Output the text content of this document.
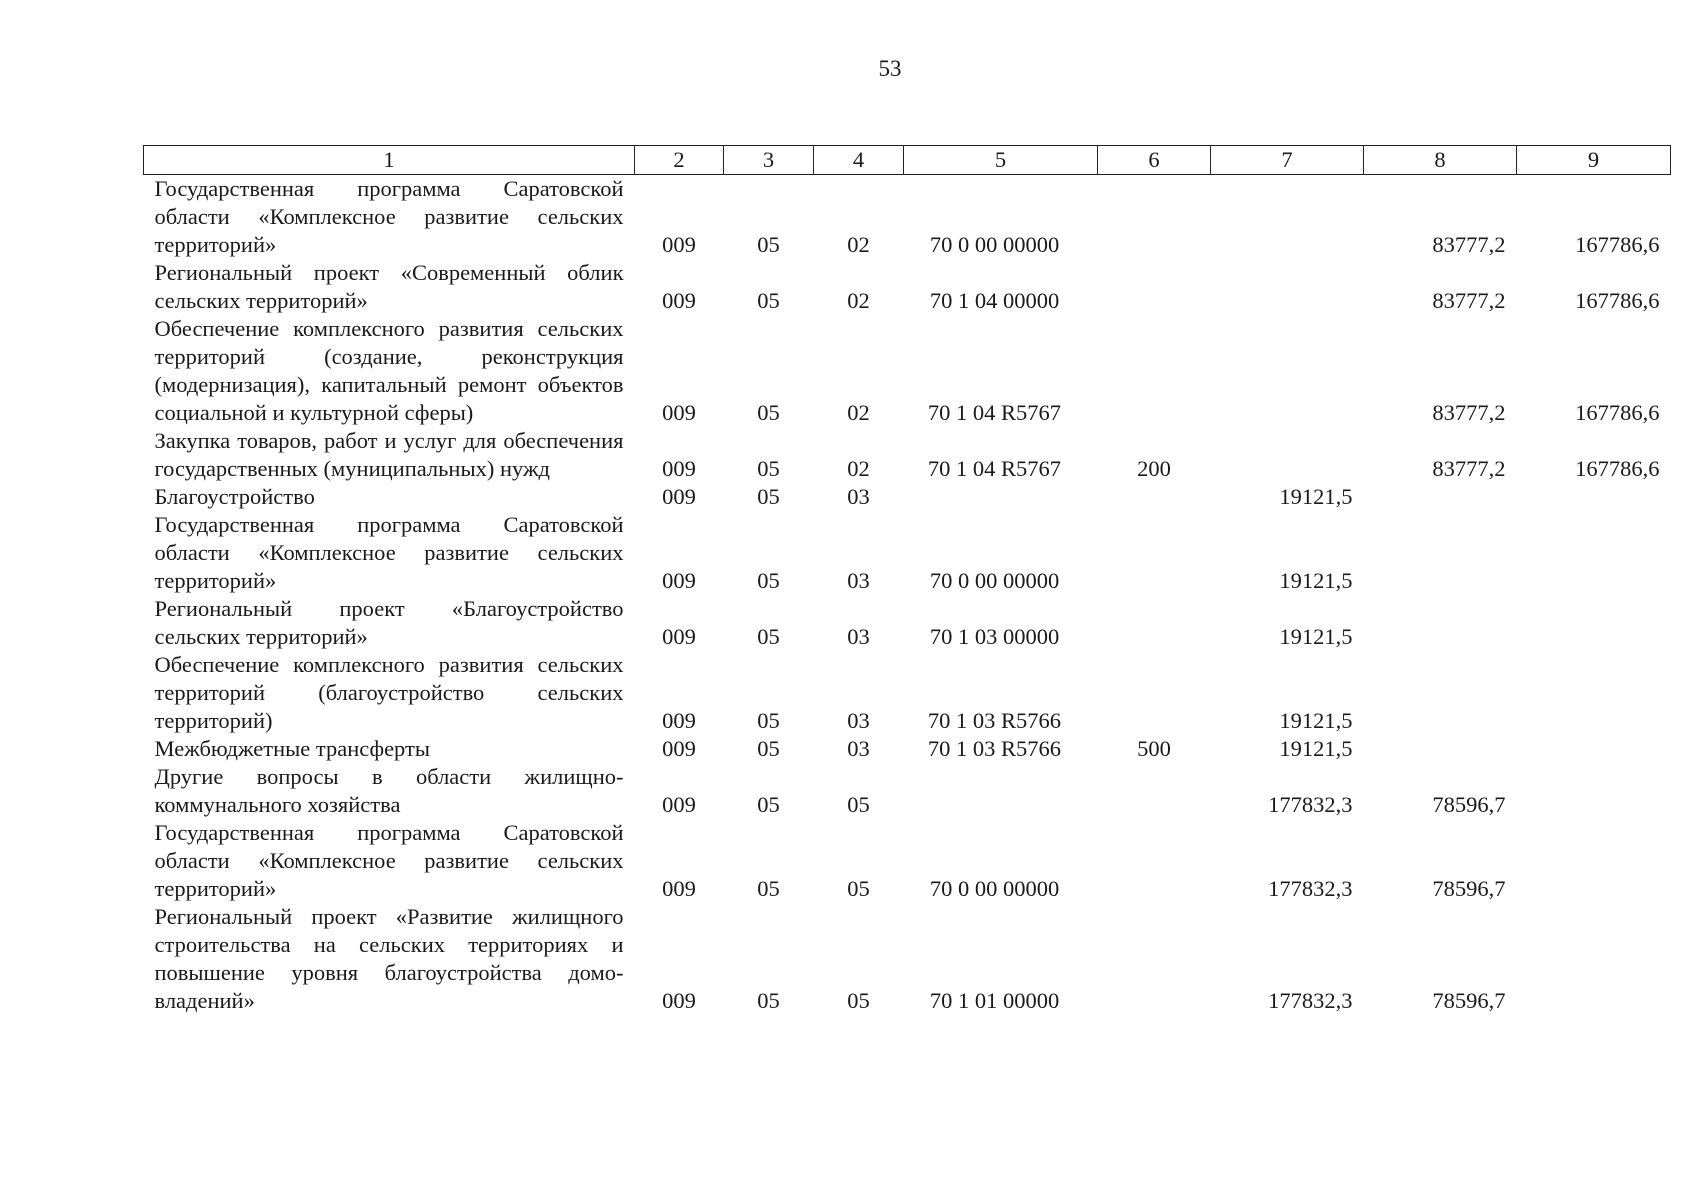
53
1	2	3	4	5	6	7	8	9
Государственная программа Саратовской области «Комплексное развитие сельских территорий»	009	05	02	70 0 00 00000			83777,2	167786,6
Региональный проект «Современный облик сельских территорий»	009	05	02	70 1 04 00000			83777,2	167786,6
Обеспечение комплексного развития сельских территорий (создание, реконструкция (модернизация), капитальный ремонт объектов социальной и культурной сферы)	009	05	02	70 1 04 R5767			83777,2	167786,6
Закупка товаров, работ и услуг для обеспечения государственных (муниципальных) нужд	009	05	02	70 1 04 R5767	200		83777,2	167786,6
Благоустройство	009	05	03			19121,5		
Государственная программа Саратовской области «Комплексное развитие сельских территорий»	009	05	03	70 0 00 00000		19121,5		
Региональный проект «Благоустройство сельских территорий»	009	05	03	70 1 03 00000		19121,5		
Обеспечение комплексного развития сельских территорий (благоустройство сельских территорий)	009	05	03	70 1 03 R5766		19121,5		
Межбюджетные трансферты	009	05	03	70 1 03 R5766	500	19121,5		
Другие вопросы в области жилищно-коммунального хозяйства	009	05	05			177832,3	78596,7	
Государственная программа Саратовской области «Комплексное развитие сельских территорий»	009	05	05	70 0 00 00000		177832,3	78596,7	
Региональный проект «Развитие жилищного строительства на сельских территориях и повышение уровня благоустройства домовладений»	009	05	05	70 1 01 00000		177832,3	78596,7	
